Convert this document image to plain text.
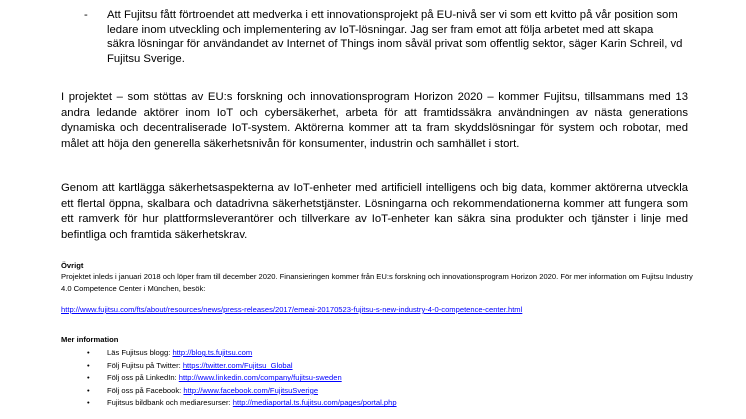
- Att Fujitsu fått förtroendet att medverka i ett innovationsprojekt på EU-nivå ser vi som ett kvitto på vår position som ledare inom utveckling och implementering av IoT-lösningar. Jag ser fram emot att följa arbetet med att skapa säkra lösningar för användandet av Internet of Things inom såväl privat som offentlig sektor, säger Karin Schreil, vd Fujitsu Sverige.
I projektet – som stöttas av EU:s forskning och innovationsprogram Horizon 2020 – kommer Fujitsu, tillsammans med 13 andra ledande aktörer inom IoT och cybersäkerhet, arbeta för att framtidssäkra användningen av nästa generations dynamiska och decentraliserade IoT-system. Aktörerna kommer att ta fram skyddslösningar för system och robotar, med målet att höja den generella säkerhetsnivån för konsumenter, industrin och samhället i stort.
Genom att kartlägga säkerhetsaspekterna av IoT-enheter med artificiell intelligens och big data, kommer aktörerna utveckla ett flertal öppna, skalbara och datadrivna säkerhetstjänster. Lösningarna och rekommendationerna kommer att fungera som ett ramverk för hur plattformsleverantörer och tillverkare av IoT-enheter kan säkra sina produkter och tjänster i linje med befintliga och framtida säkerhetskrav.
Övrigt
Projektet inleds i januari 2018 och löper fram till december 2020. Finansieringen kommer från EU:s forskning och innovationsprogram Horizon 2020. För mer information om Fujitsu Industry 4.0 Competence Center i München, besök:
http://www.fujitsu.com/fts/about/resources/news/press-releases/2017/emeai-20170523-fujitsu-s-new-industry-4-0-competence-center.html
Mer information
• Läs Fujitsus blogg: http://blog.ts.fujitsu.com
• Följ Fujitsu på Twitter: https://twitter.com/Fujitsu_Global
• Följ oss på LinkedIn: http://www.linkedin.com/company/fujitsu-sweden
• Följ oss på Facebook: http://www.facebook.com/FujitsuSverige
• Fujitsus bildbank och mediaresurser: http://mediaportal.ts.fujitsu.com/pages/portal.php
